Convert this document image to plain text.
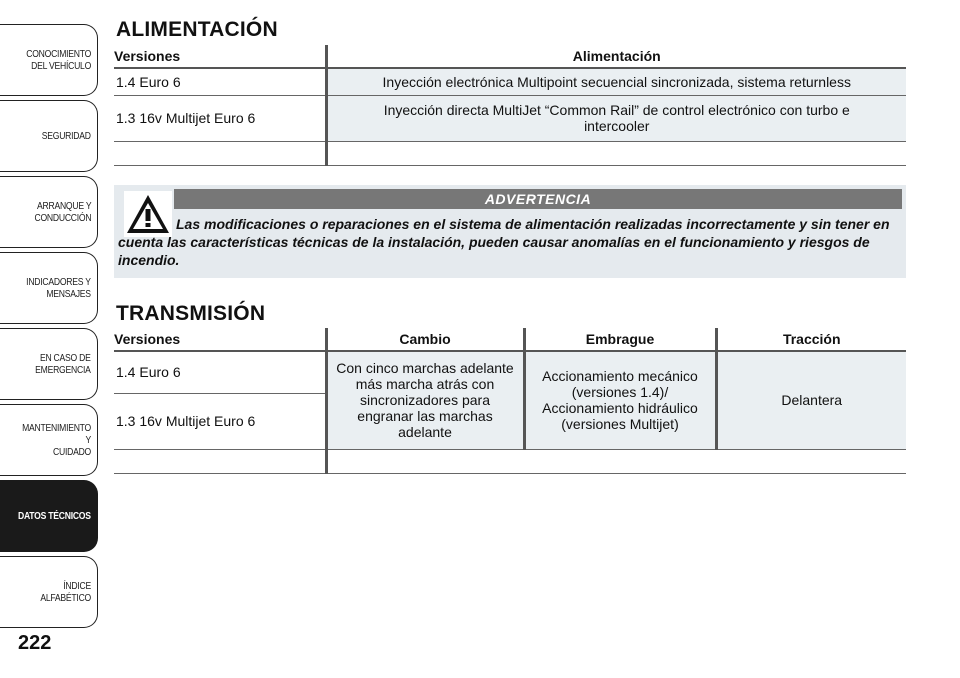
CONOCIMIENTO
DEL VEHÍCULO
SEGURIDAD
ARRANQUE Y
CONDUCCIÓN
INDICADORES Y
MENSAJES
EN CASO DE
EMERGENCIA
MANTENIMIENTO Y
CUIDADO
DATOS TÉCNICOS
ÍNDICE ALFABÉTICO
222
ALIMENTACIÓN
Versiones	Alimentación
1.4 Euro 6	Inyección electrónica Multipoint secuencial sincronizada, sistema returnless
1.3 16v Multijet Euro 6	Inyección directa MultiJet “Common Rail” de control electrónico con turbo e intercooler

ADVERTENCIA
Las modificaciones o reparaciones en el sistema de alimentación realizadas incorrectamente y sin tener en cuenta las características técnicas de la instalación, pueden causar anomalías en el funcionamiento y riesgos de incendio.
TRANSMISIÓN
Versiones	Cambio	Embrague	Tracción
1.4 Euro 6	Con cinco marchas adelante más marcha atrás con sincronizadores para engranar las marchas adelante	Accionamiento mecánico (versiones 1.4)/ Accionamiento hidráulico (versiones Multijet)	Delantera
1.3 16v Multijet Euro 6			
